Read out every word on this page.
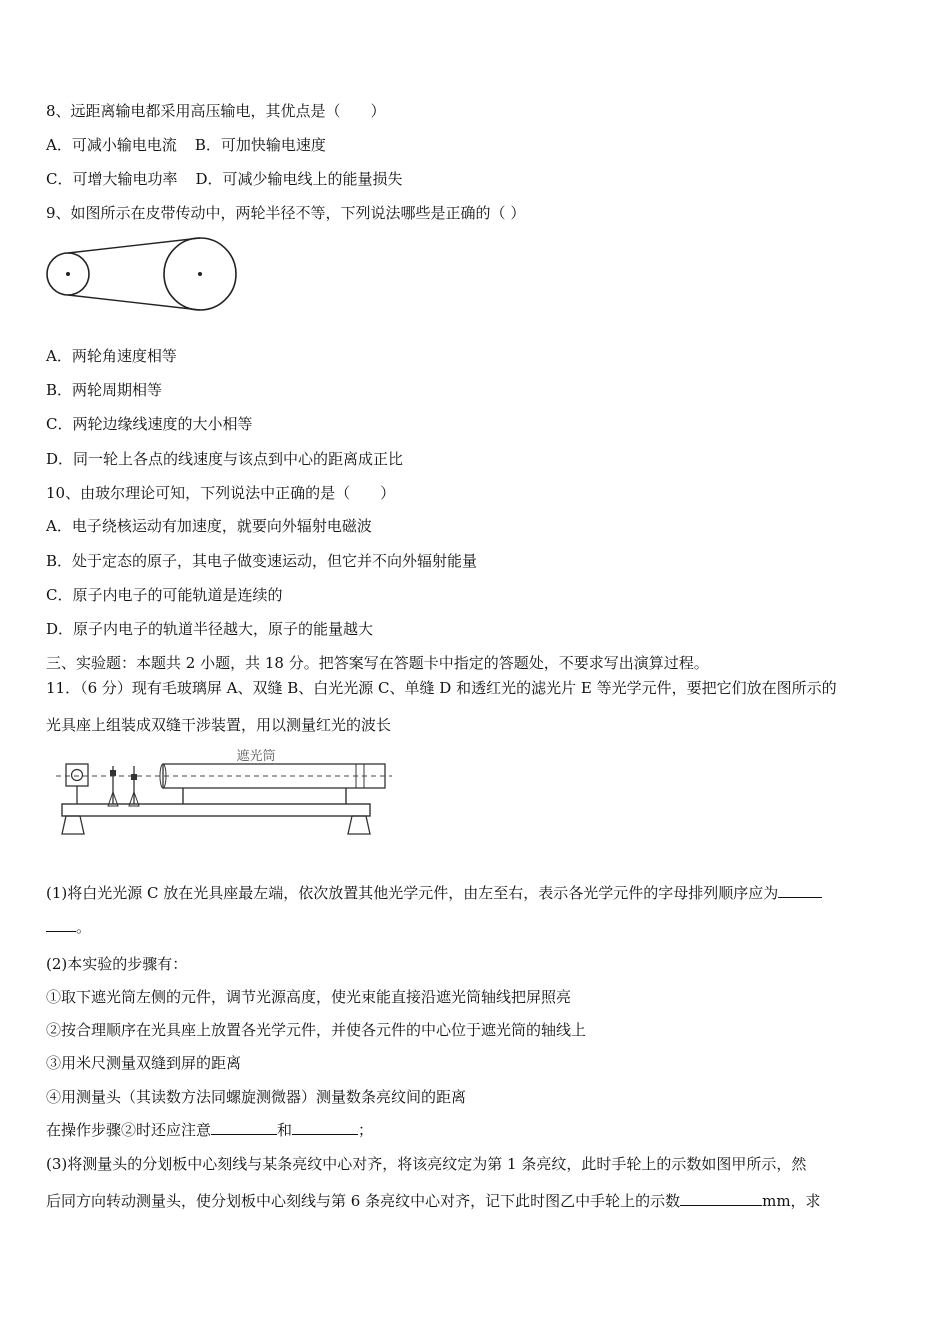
8、远距离输电都采用高压输电，其优点是（　　）
A．可减小输电电流 B．可加快输电速度
C．可增大输电功率 D．可减少输电线上的能量损失
9、如图所示在皮带传动中，两轮半径不等，下列说法哪些是正确的（ ）
A．两轮角速度相等
B．两轮周期相等
C．两轮边缘线速度的大小相等
D．同一轮上各点的线速度与该点到中心的距离成正比
10、由玻尔理论可知，下列说法中正确的是（　　）
A．电子绕核运动有加速度，就要向外辐射电磁波
B．处于定态的原子，其电子做变速运动，但它并不向外辐射能量
C．原子内电子的可能轨道是连续的
D．原子内电子的轨道半径越大，原子的能量越大
三、实验题：本题共 2 小题，共 18 分。把答案写在答题卡中指定的答题处，不要求写出演算过程。
11．（6 分）现有毛玻璃屏 A、双缝 B、白光光源 C、单缝 D 和透红光的滤光片 E 等光学元件，要把它们放在图所示的
光具座上组装成双缝干涉装置，用以测量红光的波长
遮光筒
(1)将白光光源 C 放在光具座最左端，依次放置其他光学元件，由左至右，表示各光学元件的字母排列顺序应为
。
(2)本实验的步骤有：
①取下遮光筒左侧的元件，调节光源高度，使光束能直接沿遮光筒轴线把屏照亮
②按合理顺序在光具座上放置各光学元件，并使各元件的中心位于遮光筒的轴线上
③用米尺测量双缝到屏的距离
④用测量头（其读数方法同螺旋测微器）测量数条亮纹间的距离
在操作步骤②时还应注意	和	；
(3)将测量头的分划板中心刻线与某条亮纹中心对齐，将该亮纹定为第 1 条亮纹，此时手轮上的示数如图甲所示，然
后同方向转动测量头，使分划板中心刻线与第 6 条亮纹中心对齐，记下此时图乙中手轮上的示数	mm，求
